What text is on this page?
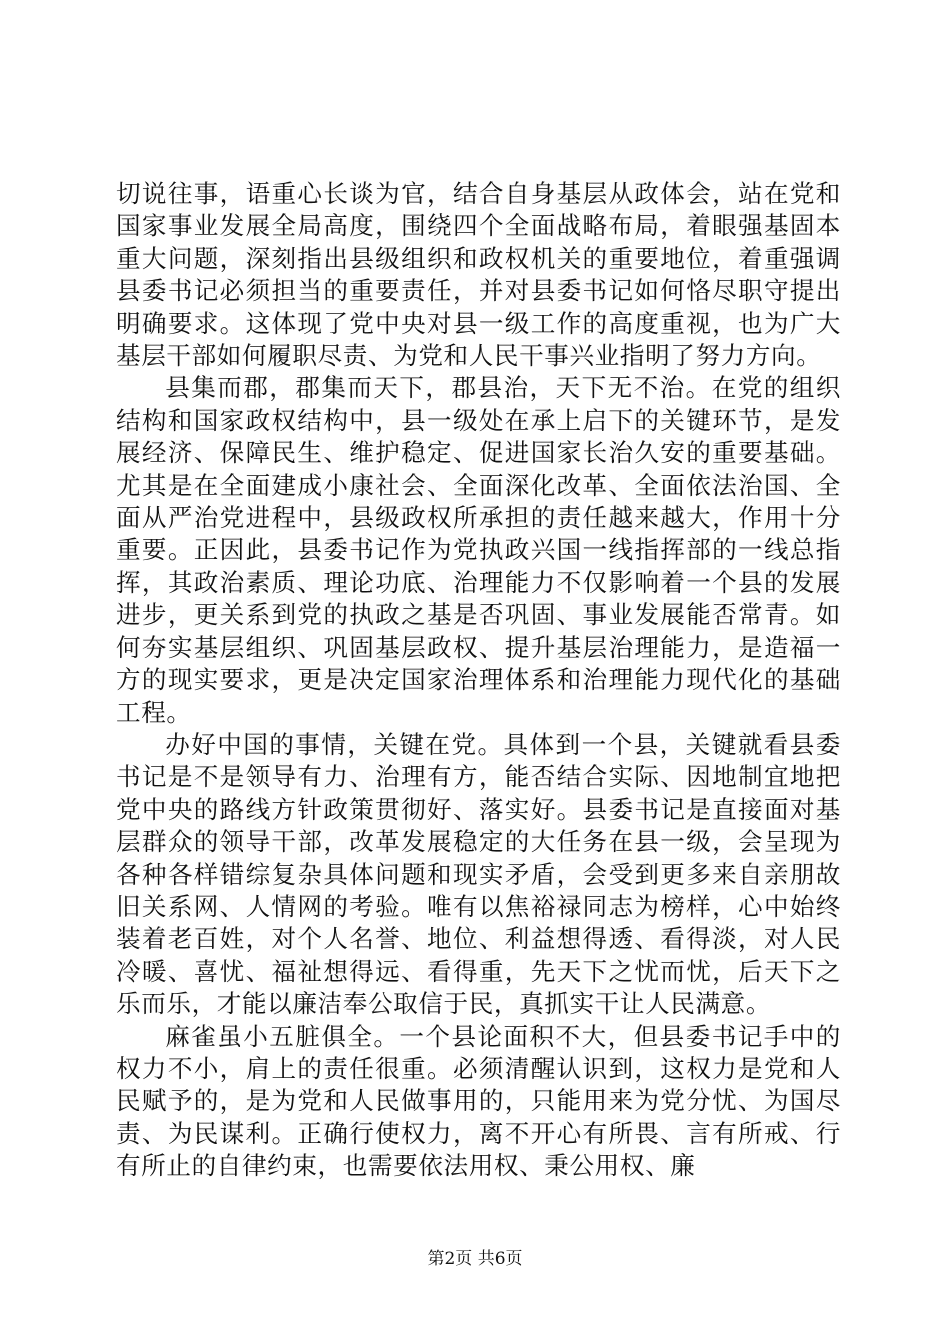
切说往事，语重心长谈为官，结合自身基层从政体会，站在党和国家事业发展全局高度，围绕四个全面战略布局，着眼强基固本重大问题，深刻指出县级组织和政权机关的重要地位，着重强调县委书记必须担当的重要责任，并对县委书记如何恪尽职守提出明确要求。这体现了党中央对县一级工作的高度重视，也为广大基层干部如何履职尽责、为党和人民干事兴业指明了努力方向。

县集而郡，郡集而天下，郡县治，天下无不治。在党的组织结构和国家政权结构中，县一级处在承上启下的关键环节，是发展经济、保障民生、维护稳定、促进国家长治久安的重要基础。尤其是在全面建成小康社会、全面深化改革、全面依法治国、全面从严治党进程中，县级政权所承担的责任越来越大，作用十分重要。正因此，县委书记作为党执政兴国一线指挥部的一线总指挥，其政治素质、理论功底、治理能力不仅影响着一个县的发展进步，更关系到党的执政之基是否巩固、事业发展能否常青。如何夯实基层组织、巩固基层政权、提升基层治理能力，是造福一方的现实要求，更是决定国家治理体系和治理能力现代化的基础工程。

办好中国的事情，关键在党。具体到一个县，关键就看县委书记是不是领导有力、治理有方，能否结合实际、因地制宜地把党中央的路线方针政策贯彻好、落实好。县委书记是直接面对基层群众的领导干部，改革发展稳定的大任务在县一级，会呈现为各种各样错综复杂具体问题和现实矛盾，会受到更多来自亲朋故旧关系网、人情网的考验。唯有以焦裕禄同志为榜样，心中始终装着老百姓，对个人名誉、地位、利益想得透、看得淡，对人民冷暖、喜忧、福祉想得远、看得重，先天下之忧而忧，后天下之乐而乐，才能以廉洁奉公取信于民，真抓实干让人民满意。

麻雀虽小五脏俱全。一个县论面积不大，但县委书记手中的权力不小，肩上的责任很重。必须清醒认识到，这权力是党和人民赋予的，是为党和人民做事用的，只能用来为党分忧、为国尽责、为民谋利。正确行使权力，离不开心有所畏、言有所戒、行有所止的自律约束，也需要依法用权、秉公用权、廉

第2页 共6页
